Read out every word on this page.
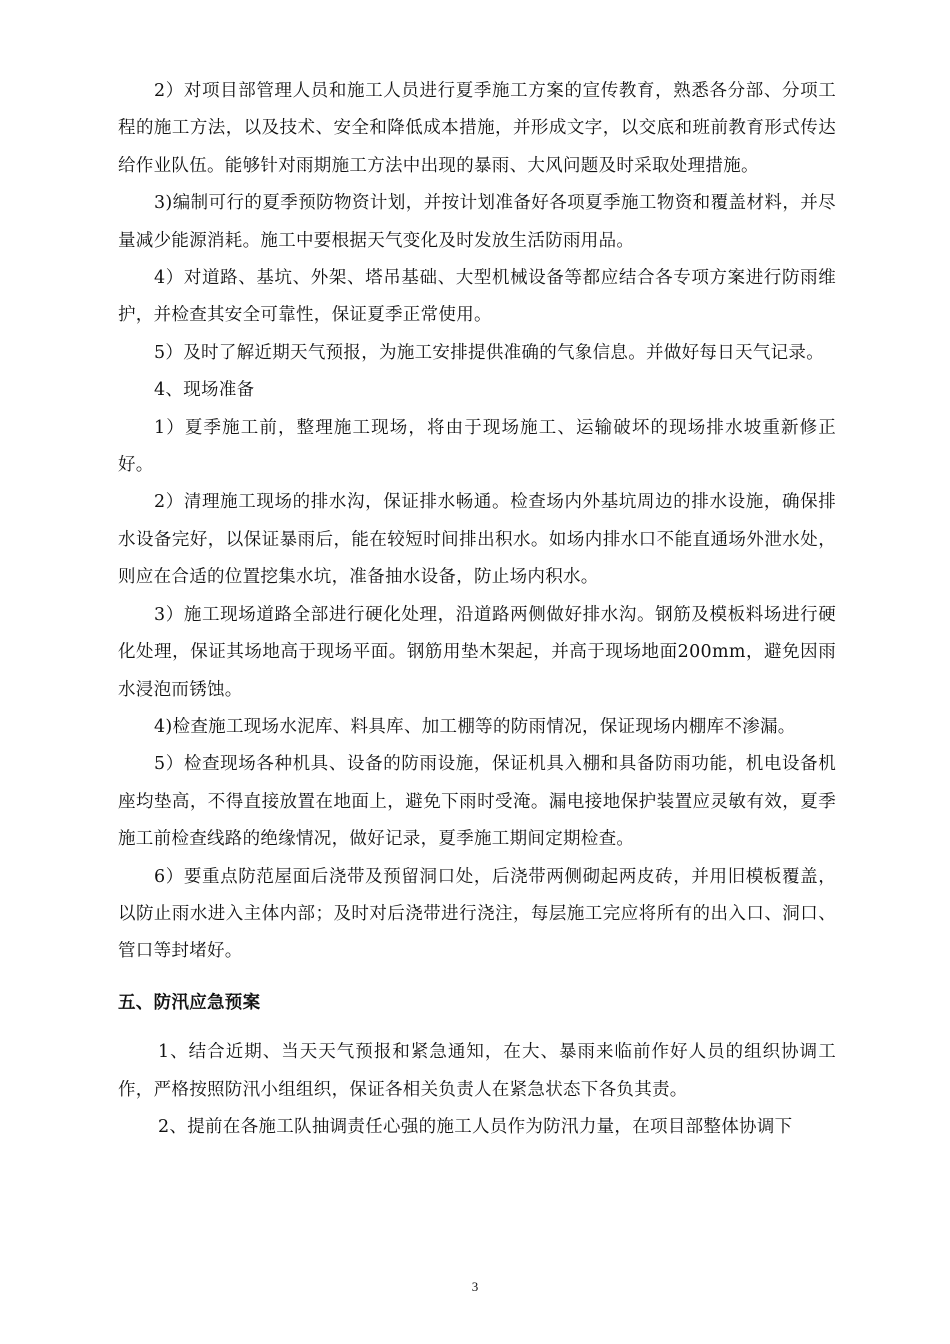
2）对项目部管理人员和施工人员进行夏季施工方案的宣传教育，熟悉各分部、分项工程的施工方法，以及技术、安全和降低成本措施，并形成文字，以交底和班前教育形式传达给作业队伍。能够针对雨期施工方法中出现的暴雨、大风问题及时采取处理措施。

3)编制可行的夏季预防物资计划，并按计划准备好各项夏季施工物资和覆盖材料，并尽量减少能源消耗。施工中要根据天气变化及时发放生活防雨用品。

4）对道路、基坑、外架、塔吊基础、大型机械设备等都应结合各专项方案进行防雨维护，并检查其安全可靠性，保证夏季正常使用。

5）及时了解近期天气预报，为施工安排提供准确的气象信息。并做好每日天气记录。

4、现场准备

1）夏季施工前，整理施工现场，将由于现场施工、运输破坏的现场排水坡重新修正好。

2）清理施工现场的排水沟，保证排水畅通。检查场内外基坑周边的排水设施，确保排水设备完好，以保证暴雨后，能在较短时间排出积水。如场内排水口不能直通场外泄水处，则应在合适的位置挖集水坑，准备抽水设备，防止场内积水。

3）施工现场道路全部进行硬化处理，沿道路两侧做好排水沟。钢筋及模板料场进行硬化处理，保证其场地高于现场平面。钢筋用垫木架起，并高于现场地面200mm，避免因雨水浸泡而锈蚀。

4)检查施工现场水泥库、料具库、加工棚等的防雨情况，保证现场内棚库不渗漏。

5）检查现场各种机具、设备的防雨设施，保证机具入棚和具备防雨功能，机电设备机座均垫高，不得直接放置在地面上，避免下雨时受淹。漏电接地保护装置应灵敏有效，夏季施工前检查线路的绝缘情况，做好记录，夏季施工期间定期检查。

6）要重点防范屋面后浇带及预留洞口处，后浇带两侧砌起两皮砖，并用旧模板覆盖，以防止雨水进入主体内部；及时对后浇带进行浇注，每层施工完应将所有的出入口、洞口、管口等封堵好。

五、防汛应急预案

1、结合近期、当天天气预报和紧急通知，在大、暴雨来临前作好人员的组织协调工作，严格按照防汛小组组织，保证各相关负责人在紧急状态下各负其责。

2、提前在各施工队抽调责任心强的施工人员作为防汛力量，在项目部整体协调下

3
